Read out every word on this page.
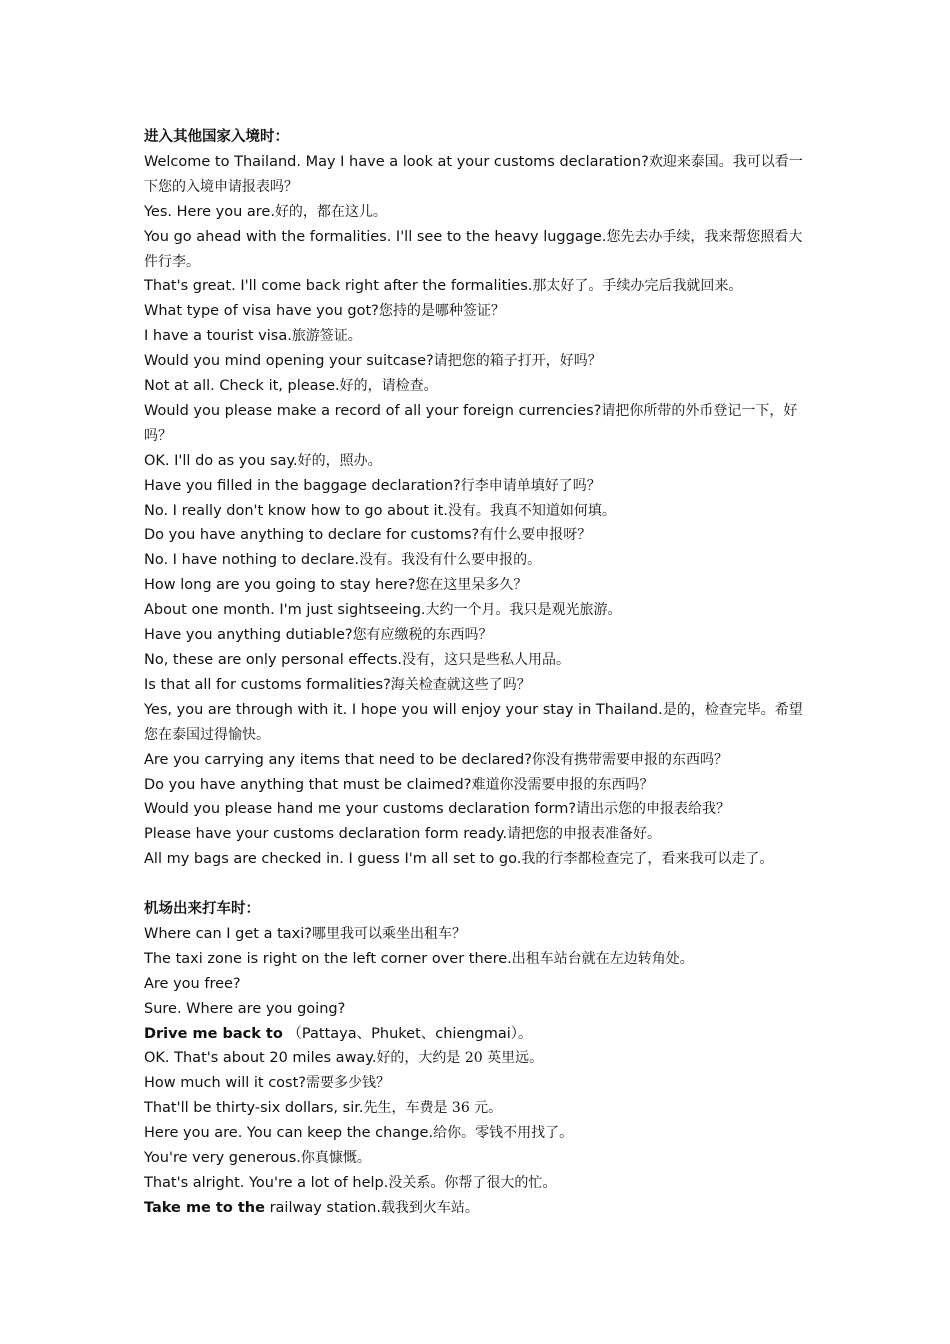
进入其他国家入境时：
Welcome to Thailand. May I have a look at your customs declaration?欢迎来泰国。我可以看一下您的入境申请报表吗？
Yes. Here you are.好的，都在这儿。
You go ahead with the formalities. I'll see to the heavy luggage.您先去办手续，我来帮您照看大件行李。
That's great. I'll come back right after the formalities.那太好了。手续办完后我就回来。
What type of visa have you got?您持的是哪种签证？
I have a tourist visa.旅游签证。
Would you mind opening your suitcase?请把您的箱子打开，好吗？
Not at all. Check it, please.好的，请检查。
Would you please make a record of all your foreign currencies?请把你所带的外币登记一下，好吗？
OK. I'll do as you say.好的，照办。
Have you filled in the baggage declaration?行李申请单填好了吗？
No. I really don't know how to go about it.没有。我真不知道如何填。
Do you have anything to declare for customs?有什么要申报呀？
No. I have nothing to declare.没有。我没有什么要申报的。
How long are you going to stay here?您在这里呆多久？
About one month. I'm just sightseeing.大约一个月。我只是观光旅游。
Have you anything dutiable?您有应缴税的东西吗？
No, these are only personal effects.没有，这只是些私人用品。
Is that all for customs formalities?海关检查就这些了吗？
Yes, you are through with it. I hope you will enjoy your stay in Thailand.是的，检查完毕。希望您在泰国过得愉快。
Are you carrying any items that need to be declared?你没有携带需要申报的东西吗？
Do you have anything that must be claimed?难道你没需要申报的东西吗？
Would you please hand me your customs declaration form?请出示您的申报表给我？
Please have your customs declaration form ready.请把您的申报表准备好。
All my bags are checked in. I guess I'm all set to go.我的行李都检查完了，看来我可以走了。
机场出来打车时：
Where can I get a taxi?哪里我可以乘坐出租车？
The taxi zone is right on the left corner over there.出租车站台就在左边转角处。
Are you free?
Sure. Where are you going?
Drive me back to （Pattaya、Phuket、chiengmai）。
OK. That's about 20 miles away.好的，大约是 20 英里远。
How much will it cost?需要多少钱？
That'll be thirty-six dollars, sir.先生，车费是 36 元。
Here you are. You can keep the change.给你。零钱不用找了。
You're very generous.你真慷慨。
That's alright. You're a lot of help.没关系。你帮了很大的忙。
Take me to the railway station.载我到火车站。
